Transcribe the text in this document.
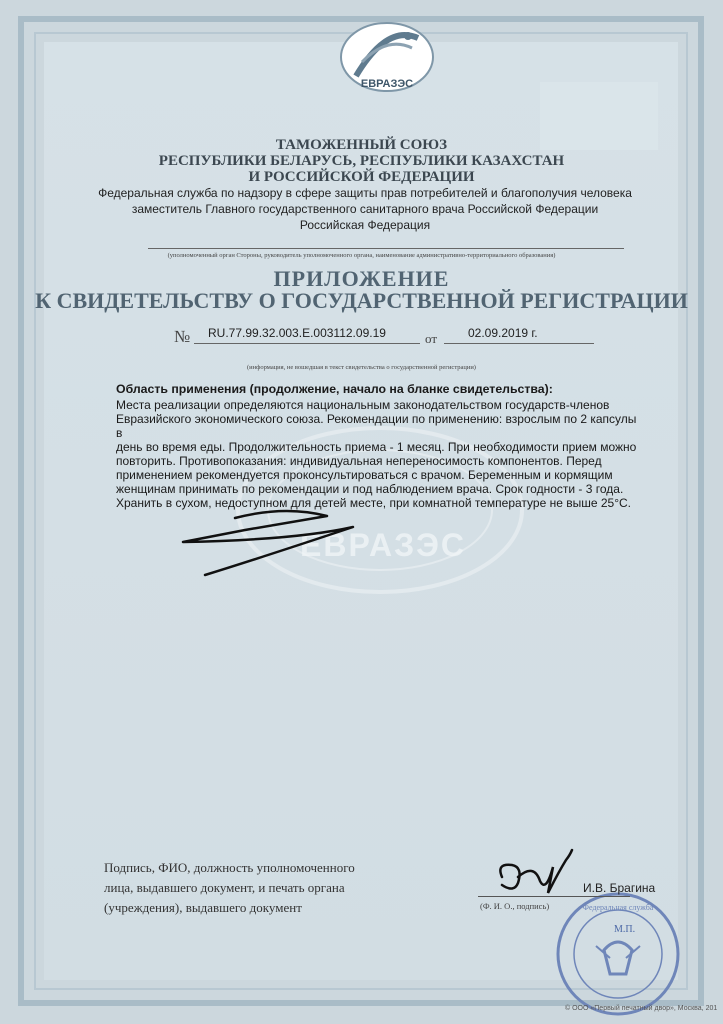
ЕВРАЗЭС
ЕВРАЗЭС
ТАМОЖЕННЫЙ СОЮЗ
РЕСПУБЛИКИ БЕЛАРУСЬ, РЕСПУБЛИКИ КАЗАХСТАН
И РОССИЙСКОЙ ФЕДЕРАЦИИ
Федеральная служба по надзору в сфере защиты прав потребителей и благополучия человека
заместитель Главного государственного санитарного врача Российской Федерации
Российская Федерация
(уполномоченный орган Стороны, руководитель уполномоченного органа, наименование административно-территориального образования)
ПРИЛОЖЕНИЕ
К СВИДЕТЕЛЬСТВУ О ГОСУДАРСТВЕННОЙ РЕГИСТРАЦИИ
№ RU.77.99.32.003.E.003112.09.19	от	02.09.2019 г.
(информация, не вошедшая в текст свидетельства о государственной регистрации)
Область применения (продолжение, начало на бланке свидетельства):
Места реализации определяются национальным законодательством государств-членов
Евразийского экономического союза. Рекомендации по применению: взрослым по 2 капсулы в
день во время еды. Продолжительность приема - 1 месяц. При необходимости прием можно
повторить. Противопоказания: индивидуальная непереносимость компонентов. Перед
применением рекомендуется проконсультироваться с врачом. Беременным и кормящим
женщинам принимать по рекомендации и под наблюдением врача. Срок годности - 3 года.
Хранить в сухом, недоступном для детей месте, при комнатной температуре не выше 25°C.
Подпись, ФИО, должность уполномоченного
лица, выдавшего документ, и печать органа
(учреждения), выдавшего документ	Федеральная служба
М.П.
И.В. Брагина
(Ф. И. О., подпись)
© ООО «Первый печатный двор», Москва, 201
